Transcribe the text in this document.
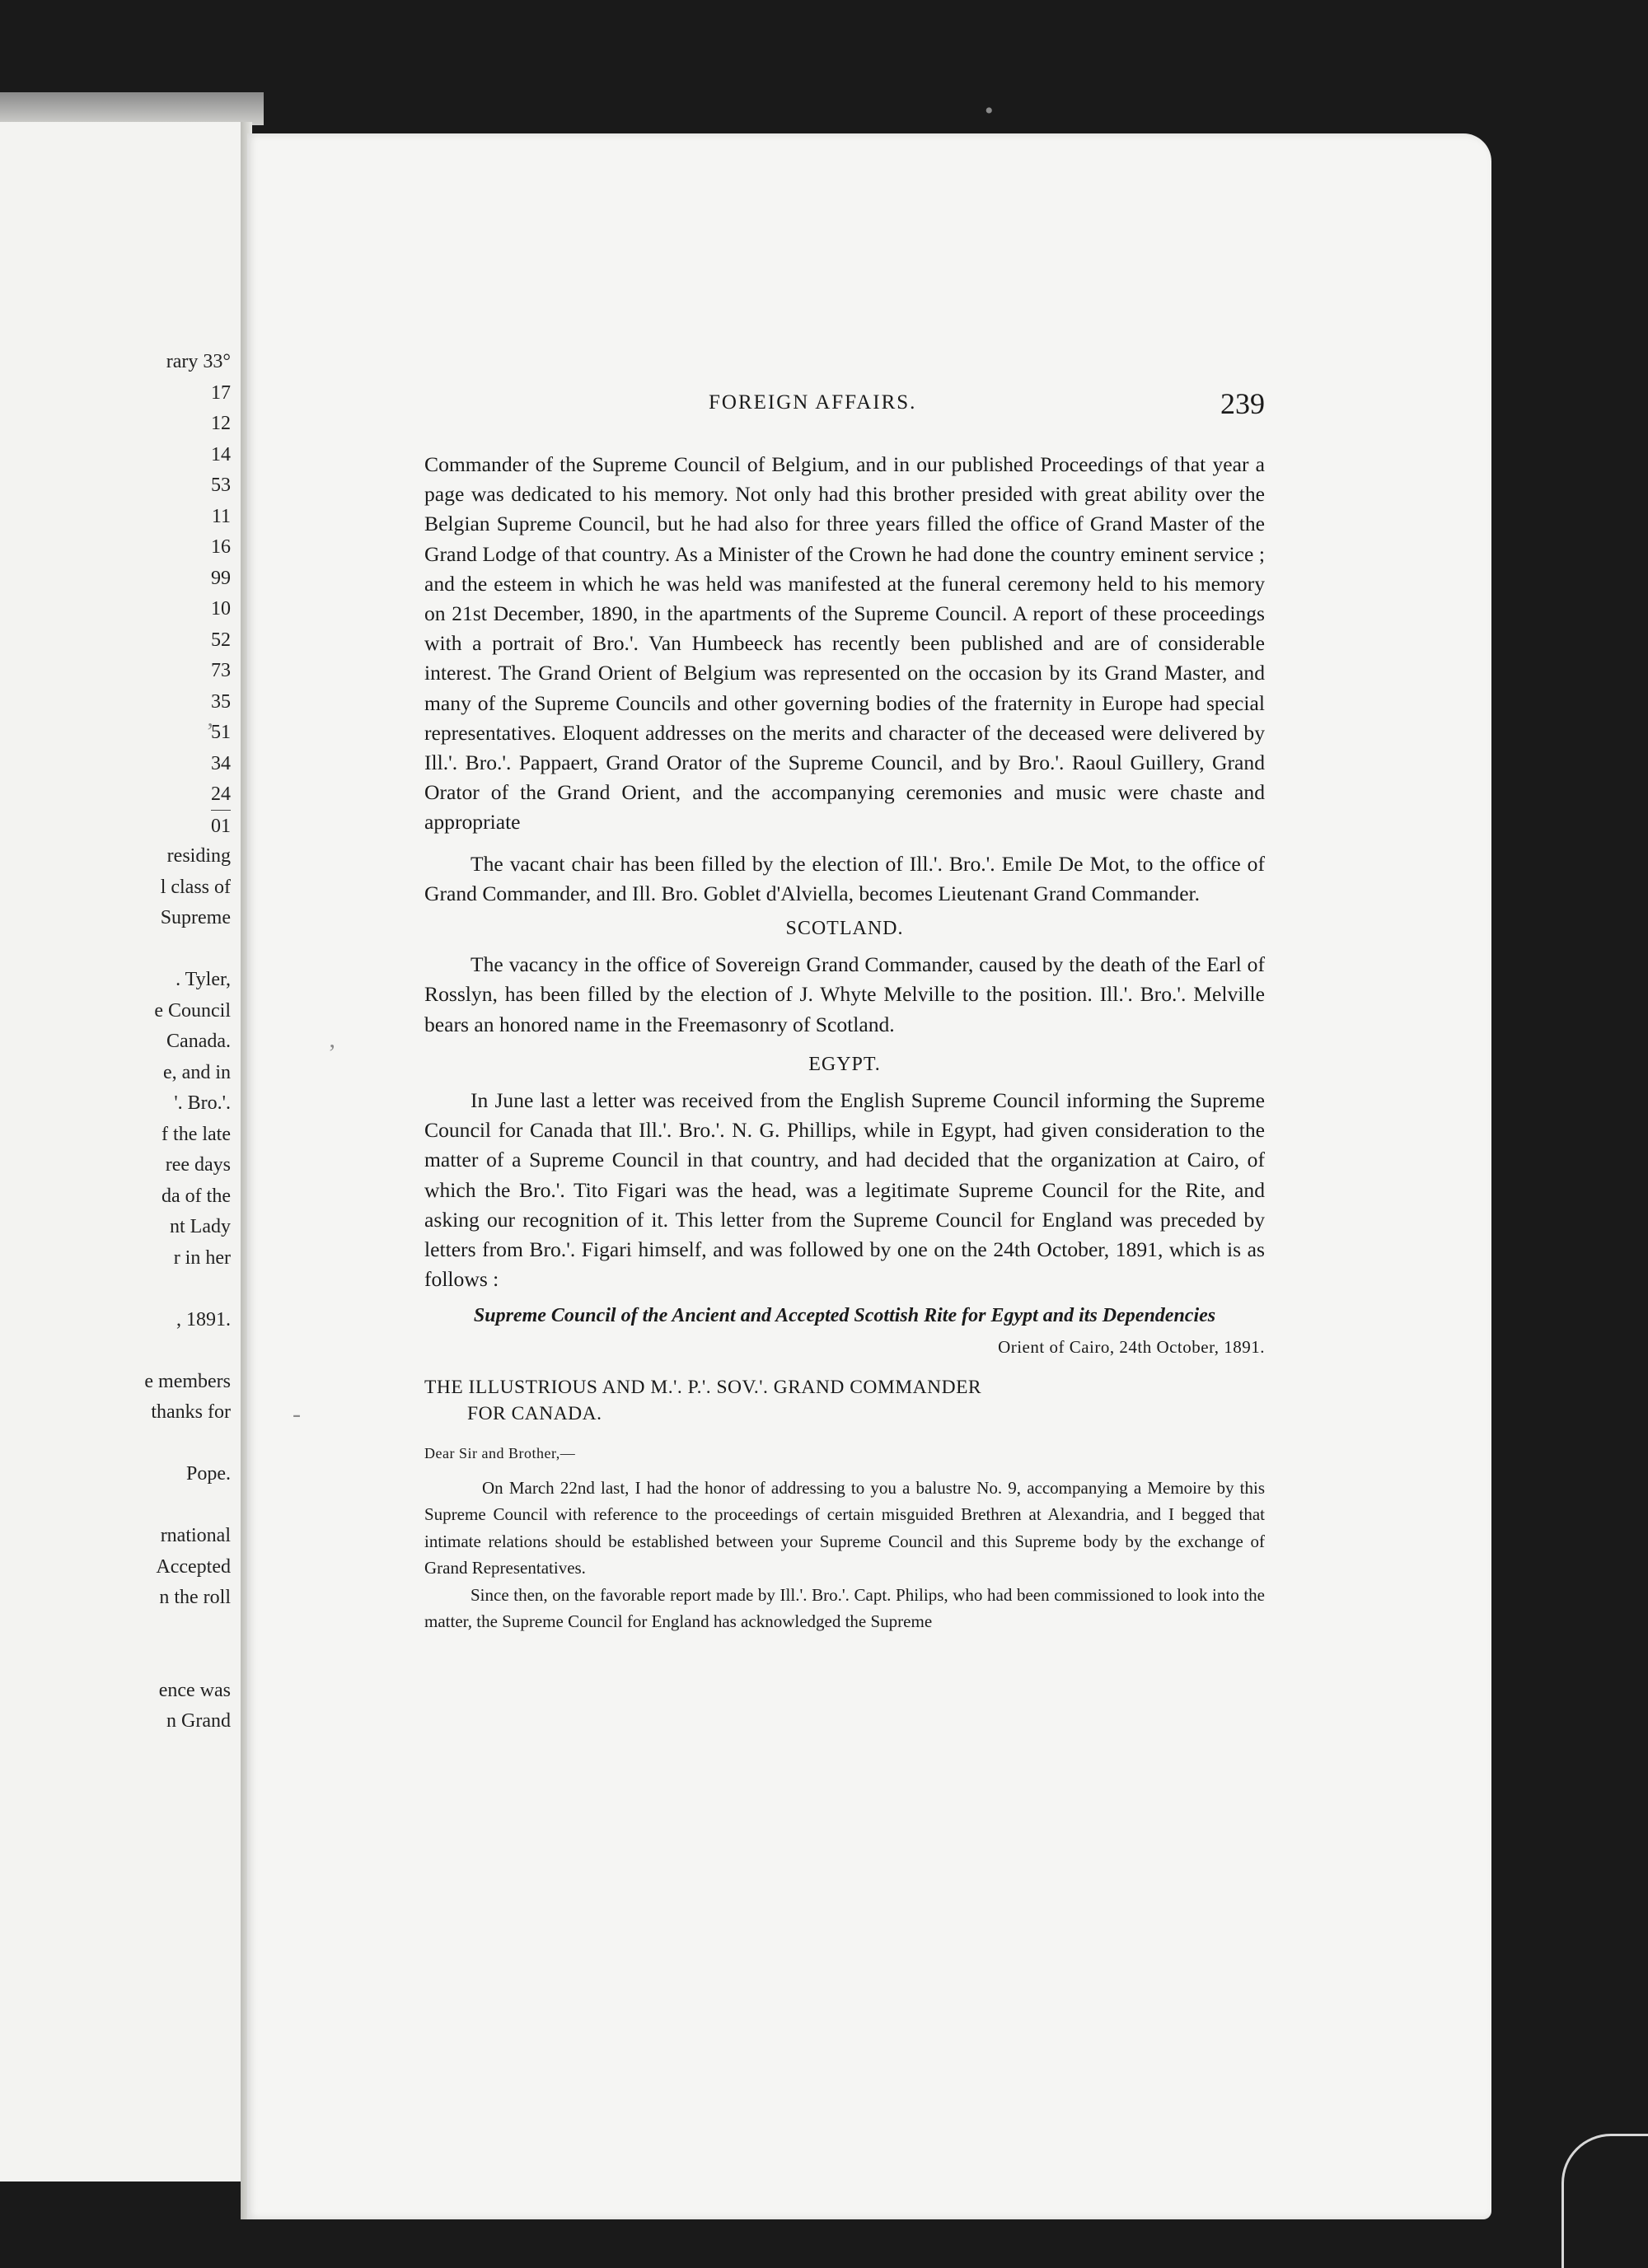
rary 33°
17
12
14
53
11
16
99
10
52
73
35
51
34
24
01
residing
l class of
Supreme
. Tyler,
e Council
Canada.
e, and in
'. Bro.'.
f the late
ree days
da of the
nt Lady
r in her
, 1891.
e members
thanks for
Pope.
rnational
Accepted
n the roll
ence was
n Grand
FOREIGN AFFAIRS.	239

Commander of the Supreme Council of Belgium, and in our published Proceedings of that year a page was dedicated to his memory. Not only had this brother presided with great ability over the Belgian Supreme Council, but he had also for three years filled the office of Grand Master of the Grand Lodge of that country. As a Minister of the Crown he had done the country eminent service ; and the esteem in which he was held was manifested at the funeral ceremony held to his memory on 21st December, 1890, in the apartments of the Supreme Council. A report of these proceedings with a portrait of Bro.'. Van Humbeeck has recently been published and are of considerable interest. The Grand Orient of Belgium was represented on the occasion by its Grand Master, and many of the Supreme Councils and other governing bodies of the fraternity in Europe had special representatives. Eloquent addresses on the merits and character of the deceased were delivered by Ill.'. Bro.'. Pappaert, Grand Orator of the Supreme Council, and by Bro.'. Raoul Guillery, Grand Orator of the Grand Orient, and the accompanying ceremonies and music were chaste and appropriate

The vacant chair has been filled by the election of Ill.'. Bro.'. Emile De Mot, to the office of Grand Commander, and Ill. Bro. Goblet d'Alviella, becomes Lieutenant Grand Commander.

SCOTLAND.

The vacancy in the office of Sovereign Grand Commander, caused by the death of the Earl of Rosslyn, has been filled by the election of J. Whyte Melville to the position. Ill.'. Bro.'. Melville bears an honored name in the Freemasonry of Scotland.

EGYPT.

In June last a letter was received from the English Supreme Council informing the Supreme Council for Canada that Ill.'. Bro.'. N. G. Phillips, while in Egypt, had given consideration to the matter of a Supreme Council in that country, and had decided that the organization at Cairo, of which the Bro.'. Tito Figari was the head, was a legitimate Supreme Council for the Rite, and asking our recognition of it. This letter from the Supreme Council for England was preceded by letters from Bro.'. Figari himself, and was followed by one on the 24th October, 1891, which is as follows :

Supreme Council of the Ancient and Accepted Scottish Rite for Egypt and its Dependencies
Orient of Cairo, 24th October, 1891.
THE ILLUSTRIOUS AND M.'. P.'. SOV.'. GRAND COMMANDER
FOR CANADA.
Dear Sir and Brother,—

On March 22nd last, I had the honor of addressing to you a balustre No. 9, accompanying a Memoire by this Supreme Council with reference to the proceedings of certain misguided Brethren at Alexandria, and I begged that intimate relations should be established between your Supreme Council and this Supreme body by the exchange of Grand Representatives.

Since then, on the favorable report made by Ill.'. Bro.'. Capt. Philips, who had been commissioned to look into the matter, the Supreme Council for England has acknowledged the Supreme

•
‚
‚
-
